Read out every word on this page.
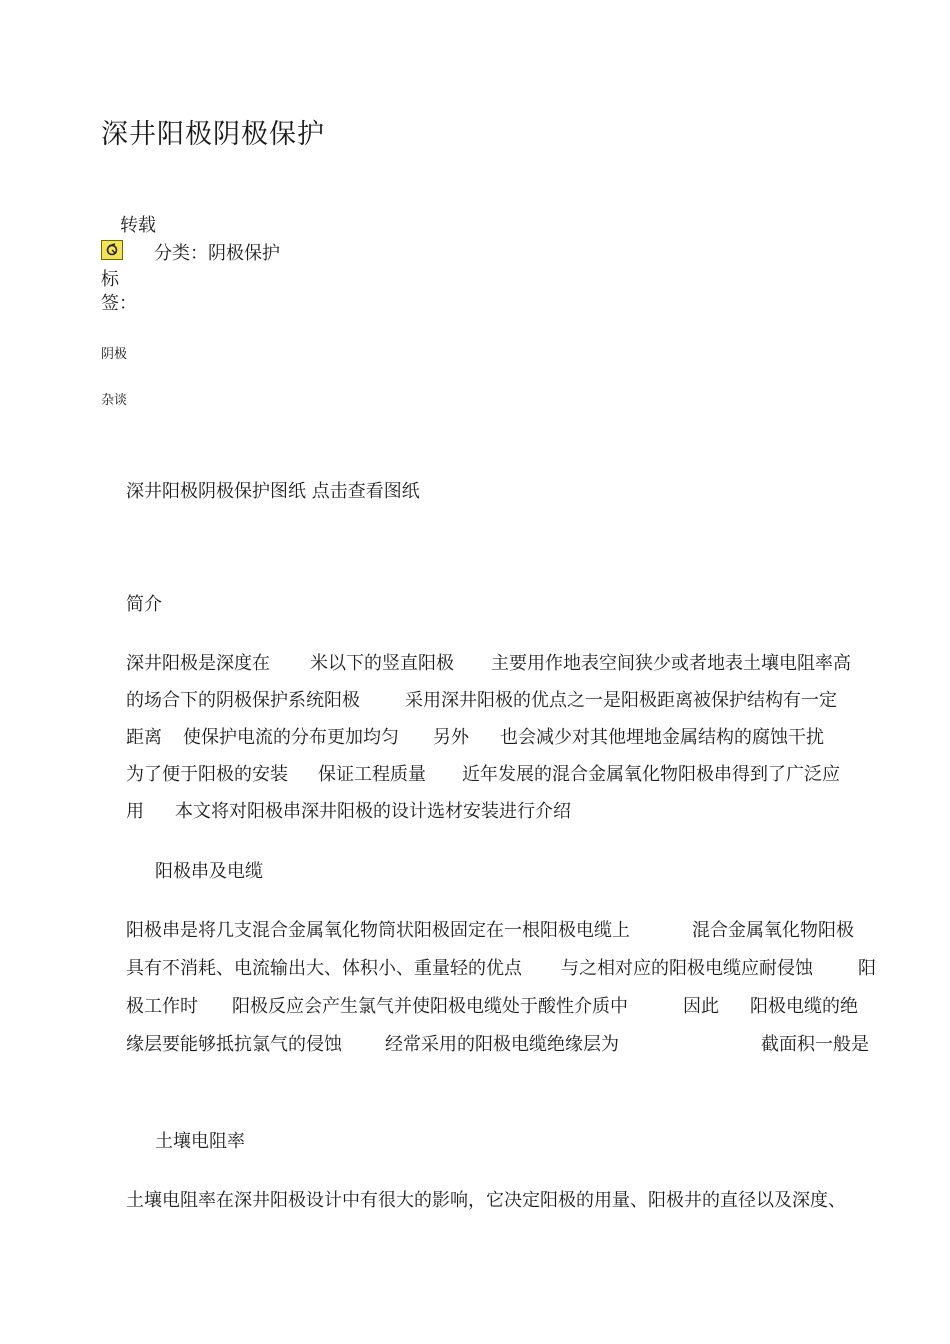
深井阳极阴极保护
转载
分类：阴极保护
标
签：
阴极
杂谈
深井阳极阴极保护图纸 点击查看图纸
简介
深井阳极是深度在 米以下的竖直阳极 主要用作地表空间狭少或者地表土壤电阻率高
的场合下的阴极保护系统阳极	采用深井阳极的优点之一是阳极距离被保护结构有一定
距离 使保护电流的分布更加均匀 另外 也会减少对其他埋地金属结构的腐蚀干扰
为了便于阳极的安装 保证工程质量 近年发展的混合金属氧化物阳极串得到了广泛应
用 本文将对阳极串深井阳极的设计选材安装进行介绍
阳极串及电缆
阳极串是将几支混合金属氧化物筒状阳极固定在一根阳极电缆上	混合金属氧化物阳极
具有不消耗、电流输出大、体积小、重量轻的优点 与之相对应的阳极电缆应耐侵蚀	阳
极工作时 阳极反应会产生氯气并使阳极电缆处于酸性介质中	因此 阳极电缆的绝
缘层要能够抵抗氯气的侵蚀 经常采用的阳极电缆绝缘层为	截面积一般是
土壤电阻率
土壤电阻率在深井阳极设计中有很大的影响，它决定阳极的用量、阳极井的直径以及深度、
